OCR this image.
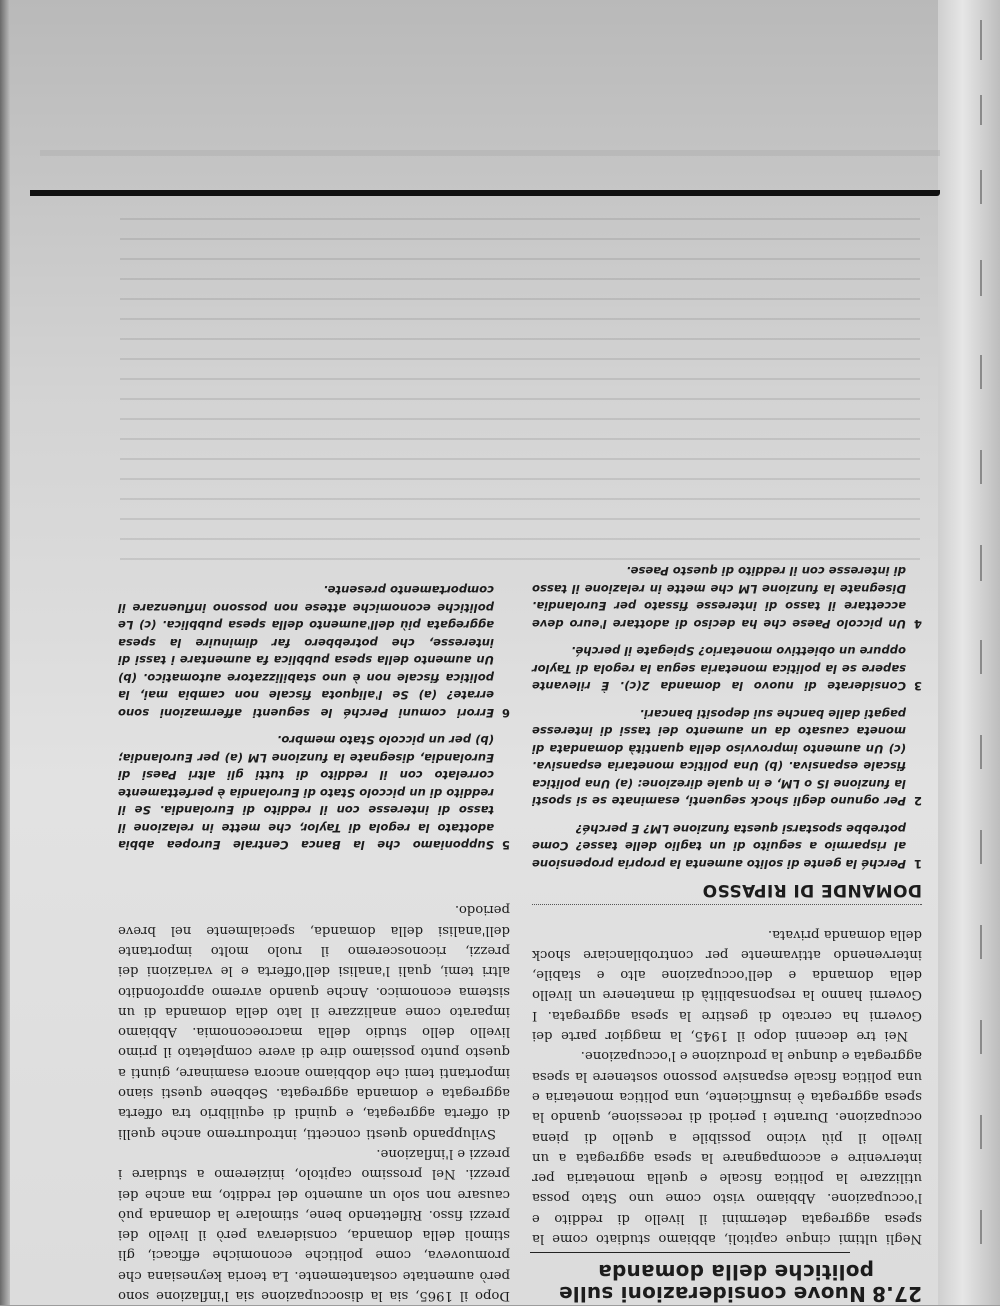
27.8Nuove considerazioni sulle
politiche della domanda

Negli ultimi cinque capitoli, abbiamo studiato come la spesa aggregata determini il livello di reddito e l'occupazione. Abbiamo visto come uno Stato possa utilizzare la politica fiscale e quella monetaria per intervenire e accompagnare la spesa aggregata a un livello il più vicino possibile a quello di piena occupazione. Durante i periodi di recessione, quando la spesa aggregata è insufficiente, una politica monetaria e una politica fiscale espansive possono sostenere la spesa aggregata e dunque la produzione e l'occupazione.

Nei tre decenni dopo il 1945, la maggior parte dei Governi ha cercato di gestire la spesa aggregata. I Governi hanno la responsabilità di mantenere un livello della domanda e dell'occupazione alto e stabile, intervenendo attivamente per controbilanciare shock della domanda privata.

DOMANDE DI RIPASSO
1
Perché la gente di solito aumenta la propria propensione al risparmio a seguito di un taglio delle tasse? Come potrebbe spostarsi questa funzione LM? E perché?
2
Per ognuno degli shock seguenti, esaminate se si sposti la funzione IS o LM, e in quale direzione: (a) Una politica fiscale espansiva. (b) Una politica monetaria espansiva. (c) Un aumento improvviso della quantità domandata di moneta causato da un aumento dei tassi di interesse pagati dalle banche sui depositi bancari.
3
Considerate di nuovo la domanda 2(c). È rilevante sapere se la politica monetaria segua la regola di Taylor oppure un obiettivo monetario? Spiegate il perché.
4
Un piccolo Paese che ha deciso di adottare l'euro deve accettare il tasso di interesse fissato per Eurolandia. Disegnate la funzione LM che mette in relazione il tasso di interesse con il reddito di questo Paese.

Dopo il 1965, sia la disoccupazione sia l'inflazione sono però aumentate costantemente. La teoria keynesiana che promuoveva, come politiche economiche efficaci, gli stimoli della domanda, considerava però il livello dei prezzi fisso. Riflettendo bene, stimolare la domanda può causare non solo un aumento del reddito, ma anche dei prezzi. Nel prossimo capitolo, inizieremo a studiare i prezzi e l'inflazione.

Sviluppando questi concetti, introdurremo anche quelli di offerta aggregata, e quindi di equilibrio tra offerta aggregata e domanda aggregata. Sebbene questi siano importanti temi che dobbiamo ancora esaminare, giunti a questo punto possiamo dire di avere completato il primo livello dello studio della macroeconomia. Abbiamo imparato come analizzare il lato della domanda di un sistema economico. Anche quando avremo approfondito altri temi, quali l'analisi dell'offerta e le variazioni dei prezzi, riconosceremo il ruolo molto importante dell'analisi della domanda, specialmente nel breve periodo.

5
Supponiamo che la Banca Centrale Europea abbia adottato la regola di Taylor, che mette in relazione il tasso di interesse con il reddito di Eurolandia. Se il reddito di un piccolo Stato di Eurolandia è perfettamente correlato con il reddito di tutti gli altri Paesi di Eurolandia, disegnate la funzione LM (a) per Eurolandia; (b) per un piccolo Stato membro.
6
Errori comuni Perché le seguenti affermazioni sono errate? (a) Se l'aliquota fiscale non cambia mai, la politica fiscale non è uno stabilizzatore automatico. (b) Un aumento della spesa pubblica fa aumentare i tassi di interesse, che potrebbero far diminuire la spesa aggregata più dell'aumento della spesa pubblica. (c) Le politiche economiche attese non possono influenzare il comportamento presente.
